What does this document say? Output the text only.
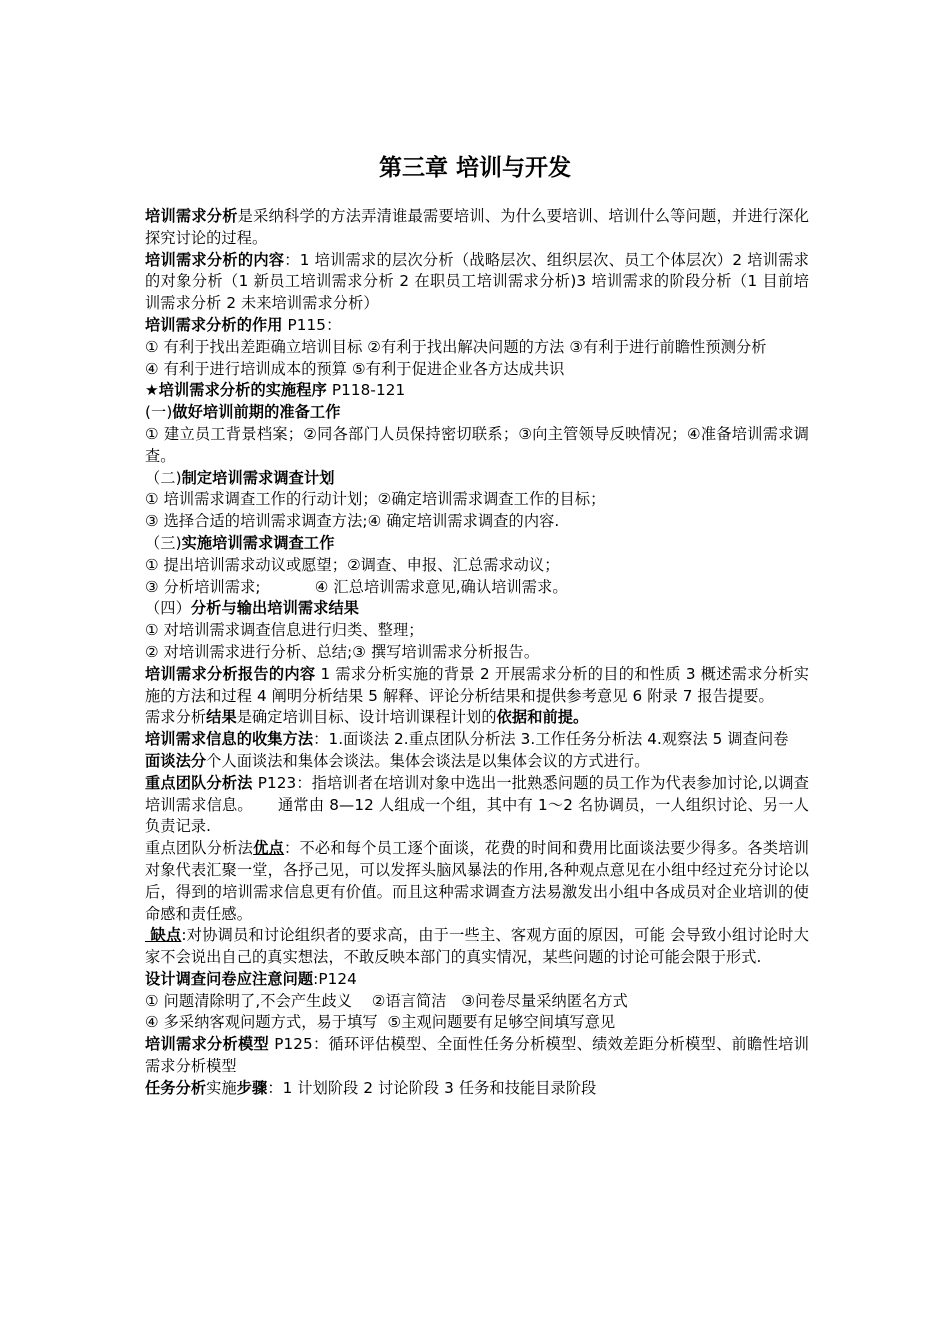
第三章 培训与开发

培训需求分析是采纳科学的方法弄清谁最需要培训、为什么要培训、培训什么等问题，并进行深化探究讨论的过程。

培训需求分析的内容：1 培训需求的层次分析（战略层次、组织层次、员工个体层次）2 培训需求的对象分析（1 新员工培训需求分析 2 在职员工培训需求分析)3 培训需求的阶段分析（1 目前培训需求分析 2 未来培训需求分析）

培训需求分析的作用 P115：

① 有利于找出差距确立培训目标 ②有利于找出解决问题的方法 ③有利于进行前瞻性预测分析

④ 有利于进行培训成本的预算 ⑤有利于促进企业各方达成共识

★培训需求分析的实施程序 P118-121

(一)做好培训前期的准备工作

① 建立员工背景档案；②同各部门人员保持密切联系；③向主管领导反映情况；④准备培训需求调查。

（二)制定培训需求调查计划

① 培训需求调查工作的行动计划；②确定培训需求调查工作的目标；

③ 选择合适的培训需求调查方法;④ 确定培训需求调查的内容.

（三)实施培训需求调查工作

① 提出培训需求动议或愿望；②调查、申报、汇总需求动议；

③ 分析培训需求;           ④ 汇总培训需求意见,确认培训需求。

（四）分析与输出培训需求结果

① 对培训需求调查信息进行归类、整理；

② 对培训需求进行分析、总结;③ 撰写培训需求分析报告。

培训需求分析报告的内容 1 需求分析实施的背景 2 开展需求分析的目的和性质 3 概述需求分析实施的方法和过程 4 阐明分析结果 5 解释、评论分析结果和提供参考意见 6 附录 7 报告提要。

需求分析结果是确定培训目标、设计培训课程计划的依据和前提。

培训需求信息的收集方法：1.面谈法 2.重点团队分析法 3.工作任务分析法 4.观察法 5 调查问卷

面谈法分个人面谈法和集体会谈法。集体会谈法是以集体会议的方式进行。

重点团队分析法 P123：指培训者在培训对象中选出一批熟悉问题的员工作为代表参加讨论,以调查培训需求信息。     通常由 8—12 人组成一个组，其中有 1～2 名协调员，一人组织讨论、另一人负责记录.

重点团队分析法优点：不必和每个员工逐个面谈，花费的时间和费用比面谈法要少得多。各类培训对象代表汇聚一堂，各抒己见，可以发挥头脑风暴法的作用,各种观点意见在小组中经过充分讨论以后，得到的培训需求信息更有价值。而且这种需求调查方法易激发出小组中各成员对企业培训的使命感和责任感。

缺点:对协调员和讨论组织者的要求高，由于一些主、客观方面的原因，可能 会导致小组讨论时大家不会说出自己的真实想法，不敢反映本部门的真实情况，某些问题的讨论可能会限于形式.

设计调查问卷应注意问题:P124

① 问题清除明了,不会产生歧义    ②语言简洁   ③问卷尽量采纳匿名方式

④ 多采纳客观问题方式，易于填写  ⑤主观问题要有足够空间填写意见

培训需求分析模型 P125：循环评估模型、全面性任务分析模型、绩效差距分析模型、前瞻性培训需求分析模型

任务分析实施步骤：1 计划阶段 2 讨论阶段 3 任务和技能目录阶段
